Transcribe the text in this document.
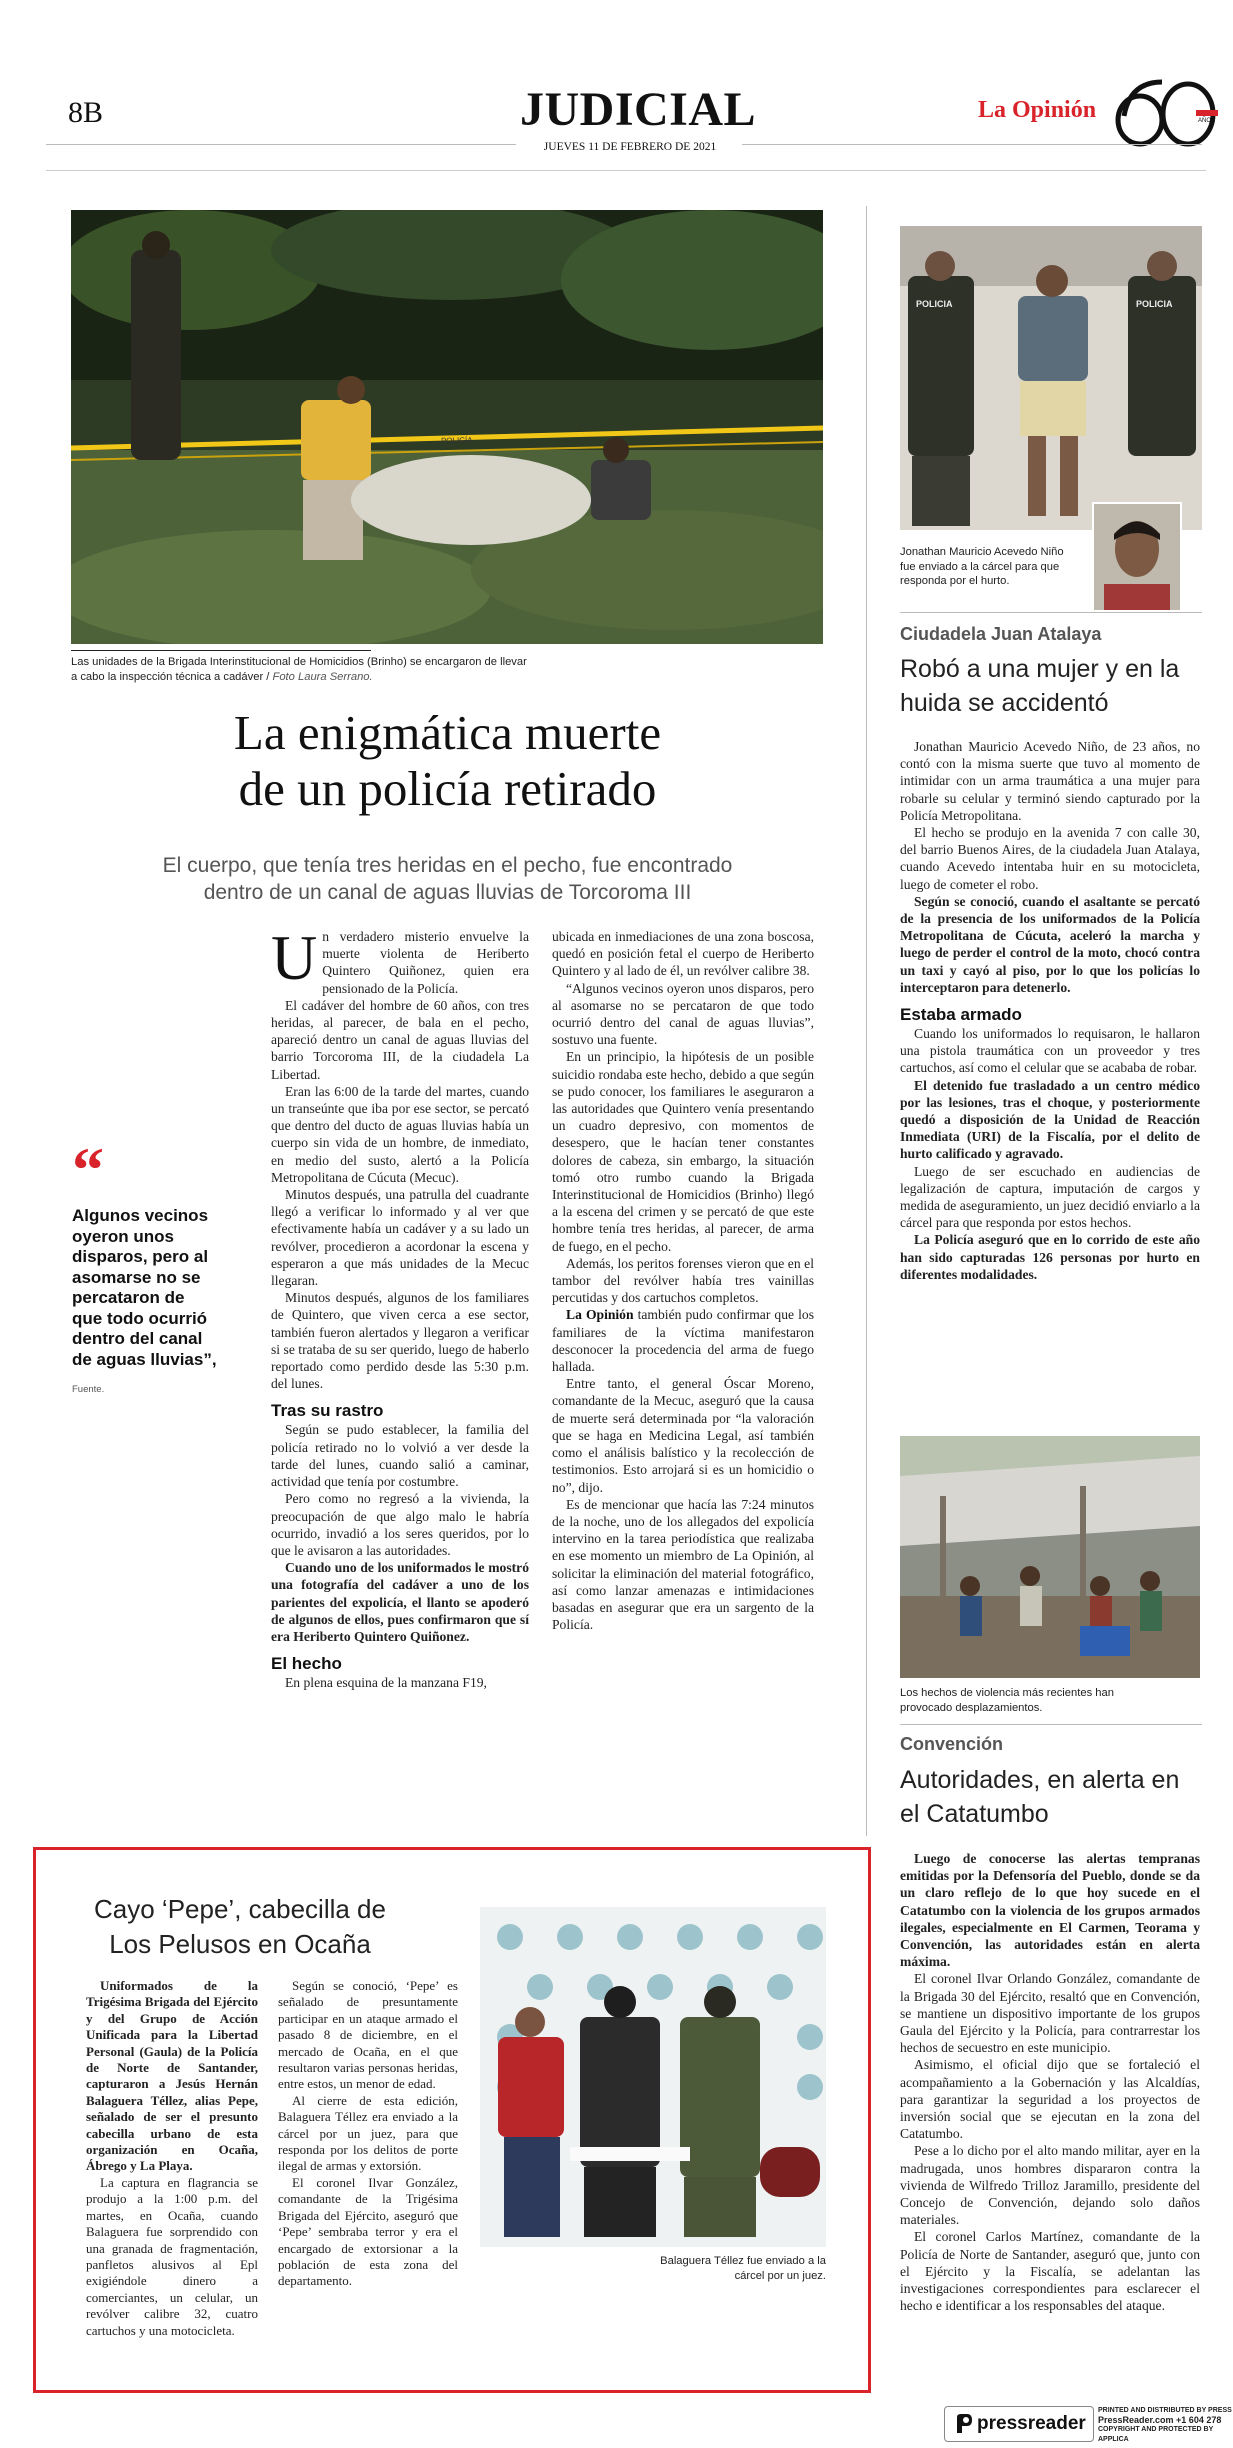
8B	JUDICIAL
JUEVES 11 DE FEBRERO DE 2021
La Opinión	AÑOS
POLICÍA
Las unidades de la Brigada Interinstitucional de Homicidios (Brinho) se encargaron de llevar a cabo la inspección técnica a cadáver / Foto Laura Serrano.
La enigmática muerte
de un policía retirado
El cuerpo, que tenía tres heridas en el pecho, fue encontrado
dentro de un canal de aguas lluvias de Torcoroma III
“
Algunos vecinos oyeron unos disparos, pero al asomarse no se percataron de que todo ocurrió dentro del canal de aguas lluvias”,
Fuente.
U n verdadero misterio envuelve la muerte violenta de Heriberto Quintero Quiñonez, quien era pensionado de la Policía.

El cadáver del hombre de 60 años, con tres heridas, al parecer, de bala en el pecho, apareció dentro un canal de aguas lluvias del barrio Torcoroma III, de la ciudadela La Libertad.

Eran las 6:00 de la tarde del martes, cuando un transeúnte que iba por ese sector, se percató que dentro del ducto de aguas lluvias había un cuerpo sin vida de un hombre, de inmediato, en medio del susto, alertó a la Policía Metropolitana de Cúcuta (Mecuc).

Minutos después, una patrulla del cuadrante llegó a verificar lo informado y al ver que efectivamente había un cadáver y a su lado un revólver, procedieron a acordonar la escena y esperaron a que más unidades de la Mecuc llegaran.

Minutos después, algunos de los familiares de Quintero, que viven cerca a ese sector, también fueron alertados y llegaron a verificar si se trataba de su ser querido, luego de haberlo reportado como perdido desde las 5:30 p.m. del lunes.

Tras su rastro

Según se pudo establecer, la familia del policía retirado no lo volvió a ver desde la tarde del lunes, cuando salió a caminar, actividad que tenía por costumbre.

Pero como no regresó a la vivienda, la preocupación de que algo malo le habría ocurrido, invadió a los seres queridos, por lo que le avisaron a las autoridades.

Cuando uno de los uniformados le mostró una fotografía del cadáver a uno de los parientes del expolicía, el llanto se apoderó de algunos de ellos, pues confirmaron que sí era Heriberto Quintero Quiñonez.

El hecho

En plena esquina de la manzana F19,

ubicada en inmediaciones de una zona boscosa, quedó en posición fetal el cuerpo de Heriberto Quintero y al lado de él, un revólver calibre 38.

“Algunos vecinos oyeron unos disparos, pero al asomarse no se percataron de que todo ocurrió dentro del canal de aguas lluvias”, sostuvo una fuente.

En un principio, la hipótesis de un posible suicidio rondaba este hecho, debido a que según se pudo conocer, los familiares le aseguraron a las autoridades que Quintero venía presentando un cuadro depresivo, con momentos de desespero, que le hacían tener constantes dolores de cabeza, sin embargo, la situación tomó otro rumbo cuando la Brigada Interinstitucional de Homicidios (Brinho) llegó a la escena del crimen y se percató de que este hombre tenía tres heridas, al parecer, de arma de fuego, en el pecho.

Además, los peritos forenses vieron que en el tambor del revólver había tres vainillas percutidas y dos cartuchos completos.

La Opinión también pudo confirmar que los familiares de la víctima manifestaron desconocer la procedencia del arma de fuego hallada.

Entre tanto, el general Óscar Moreno, comandante de la Mecuc, aseguró que la causa de muerte será determinada por “la valoración que se haga en Medicina Legal, así también como el análisis balístico y la recolección de testimonios. Esto arrojará si es un homicidio o no”, dijo.

Es de mencionar que hacía las 7:24 minutos de la noche, uno de los allegados del expolicía intervino en la tarea periodística que realizaba en ese momento un miembro de La Opinión, al solicitar la eliminación del material fotográfico, así como lanzar amenazas e intimidaciones basadas en asegurar que era un sargento de la Policía.

POLICIA	POLICIA
Jonathan Mauricio Acevedo Niño fue enviado a la cárcel para que responda por el hurto.
Ciudadela Juan Atalaya
Robó a una mujer y en la huida se accidentó

Jonathan Mauricio Acevedo Niño, de 23 años, no contó con la misma suerte que tuvo al momento de intimidar con un arma traumática a una mujer para robarle su celular y terminó siendo capturado por la Policía Metropolitana.

El hecho se produjo en la avenida 7 con calle 30, del barrio Buenos Aires, de la ciudadela Juan Atalaya, cuando Acevedo intentaba huir en su motocicleta, luego de cometer el robo.

Según se conoció, cuando el asaltante se percató de la presencia de los uniformados de la Policía Metropolitana de Cúcuta, aceleró la marcha y luego de perder el control de la moto, chocó contra un taxi y cayó al piso, por lo que los policías lo interceptaron para detenerlo.

Estaba armado

Cuando los uniformados lo requisaron, le hallaron una pistola traumática con un proveedor y tres cartuchos, así como el celular que se acababa de robar.

El detenido fue trasladado a un centro médico por las lesiones, tras el choque, y posteriormente quedó a disposición de la Unidad de Reacción Inmediata (URI) de la Fiscalía, por el delito de hurto calificado y agravado.

Luego de ser escuchado en audiencias de legalización de captura, imputación de cargos y medida de aseguramiento, un juez decidió enviarlo a la cárcel para que responda por estos hechos.

La Policía aseguró que en lo corrido de este año han sido capturadas 126 personas por hurto en diferentes modalidades.

Los hechos de violencia más recientes han provocado desplazamientos.
Convención
Autoridades, en alerta en el Catatumbo

Luego de conocerse las alertas tempranas emitidas por la Defensoría del Pueblo, donde se da un claro reflejo de lo que hoy sucede en el Catatumbo con la violencia de los grupos armados ilegales, especialmente en El Carmen, Teorama y Convención, las autoridades están en alerta máxima.

El coronel Ilvar Orlando González, comandante de la Brigada 30 del Ejército, resaltó que en Convención, se mantiene un dispositivo importante de los grupos Gaula del Ejército y la Policía, para contrarrestar los hechos de secuestro en este municipio.

Asimismo, el oficial dijo que se fortaleció el acompañamiento a la Gobernación y las Alcaldías, para garantizar la seguridad a los proyectos de inversión social que se ejecutan en la zona del Catatumbo.

Pese a lo dicho por el alto mando militar, ayer en la madrugada, unos hombres dispararon contra la vivienda de Wilfredo Trilloz Jaramillo, presidente del Concejo de Convención, dejando solo daños materiales.

El coronel Carlos Martínez, comandante de la Policía de Norte de Santander, aseguró que, junto con el Ejército y la Fiscalía, se adelantan las investigaciones correspondientes para esclarecer el hecho e identificar a los responsables del ataque.

Cayo ‘Pepe’, cabecilla de
Los Pelusos en Ocaña

Uniformados de la Trigésima Brigada del Ejército y del Grupo de Acción Unificada para la Libertad Personal (Gaula) de la Policía de Norte de Santander, capturaron a Jesús Hernán Balaguera Téllez, alias Pepe, señalado de ser el presunto cabecilla urbano de esta organización en Ocaña, Ábrego y La Playa.

La captura en flagrancia se produjo a la 1:00 p.m. del martes, en Ocaña, cuando Balaguera fue sorprendido con una granada de fragmentación, panfletos alusivos al Epl exigiéndole dinero a comerciantes, un celular, un revólver calibre 32, cuatro cartuchos y una motocicleta.

Según se conoció, ‘Pepe’ es señalado de presuntamente participar en un ataque armado el pasado 8 de diciembre, en el mercado de Ocaña, en el que resultaron varias personas heridas, entre estos, un menor de edad.

Al cierre de esta edición, Balaguera Téllez era enviado a la cárcel por un juez, para que responda por los delitos de porte ilegal de armas y extorsión.

El coronel Ilvar González, comandante de la Trigésima Brigada del Ejército, aseguró que ‘Pepe’ sembraba terror y era el encargado de extorsionar a la población de esta zona del departamento.

Balaguera Téllez fue enviado a la cárcel por un juez.
pressreader
PRINTED AND DISTRIBUTED BY PRESS
PressReader.com +1 604 278
COPYRIGHT AND PROTECTED BY APPLICA
